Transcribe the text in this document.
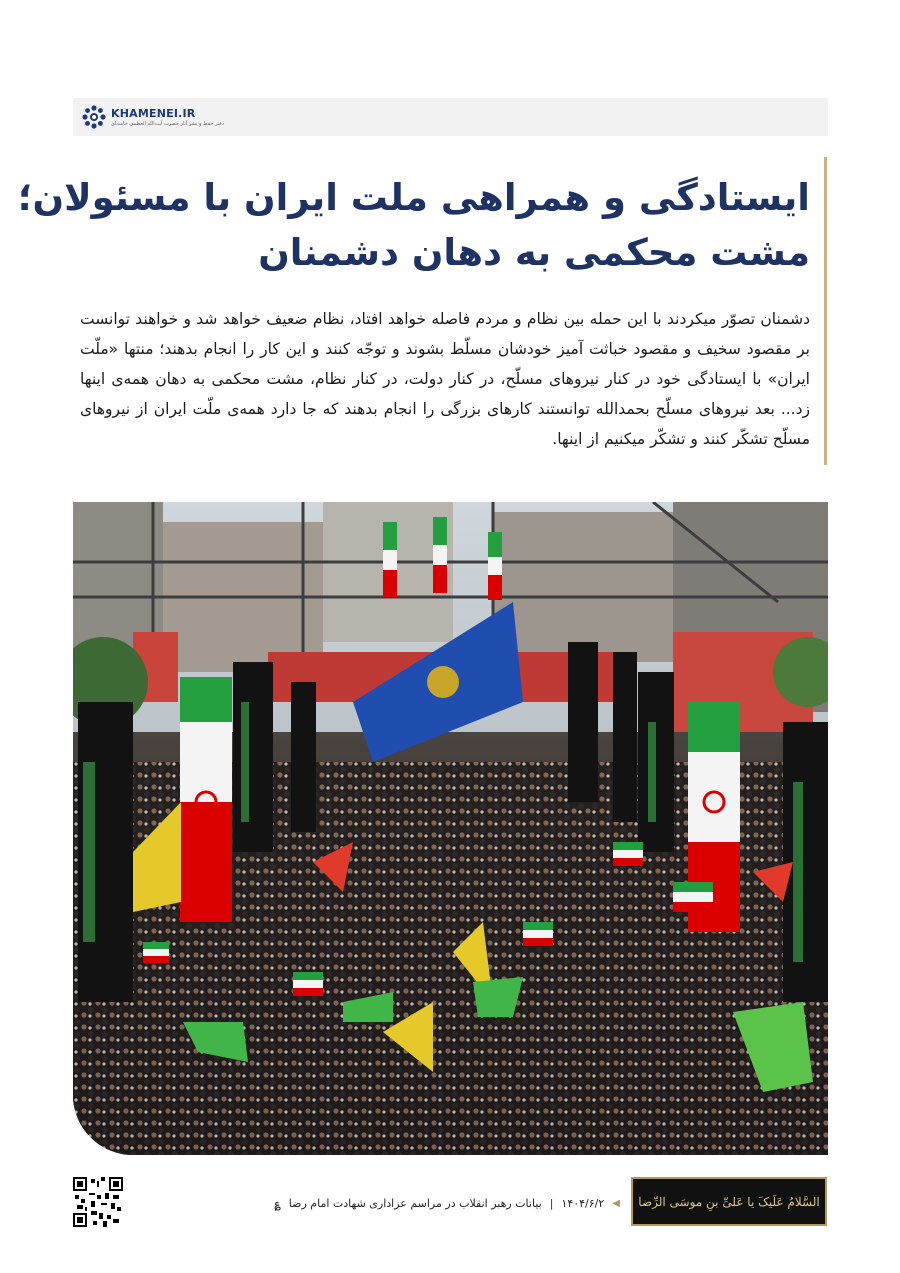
KHAMENEI.IR
دفتر حفظ و نشر آثار حضرت آیت‌الله العظمی خامنه‌ای
ایستادگی و همراهی ملت ایران با مسئولان؛
مشت محکمی به دهان دشمنان
دشمنان تصوّر میکردند با این حمله بین نظام و مردم فاصله خواهد افتاد، نظام ضعیف خواهد شد و خواهند توانست بر مقصود سخیف و مقصود خباثت آمیز خودشان مسلّط بشوند و توجّه کنند و این کار را انجام بدهند؛ منتها «ملّت ایران» با ایستادگی خود در کنار نیروهای مسلّح، در کنار دولت، در کنار نظام، مشت محکمی به دهان همه‌ی اینها زد... بعد نیروهای مسلّح بحمدالله توانستند کارهای بزرگی را انجام بدهند که جا دارد همه‌ی ملّت ایران از نیروهای مسلّح تشکّر کنند و تشکّر میکنیم از اینها.
◀
۱۴۰۴/۶/۲
|
بیانات رهبر انقلاب در مراسم عزاداری شهادت امام رضا
؏	السَّلامُ عَلَیکَ یا عَلیِّ بنِ موسَی الرِّضا
